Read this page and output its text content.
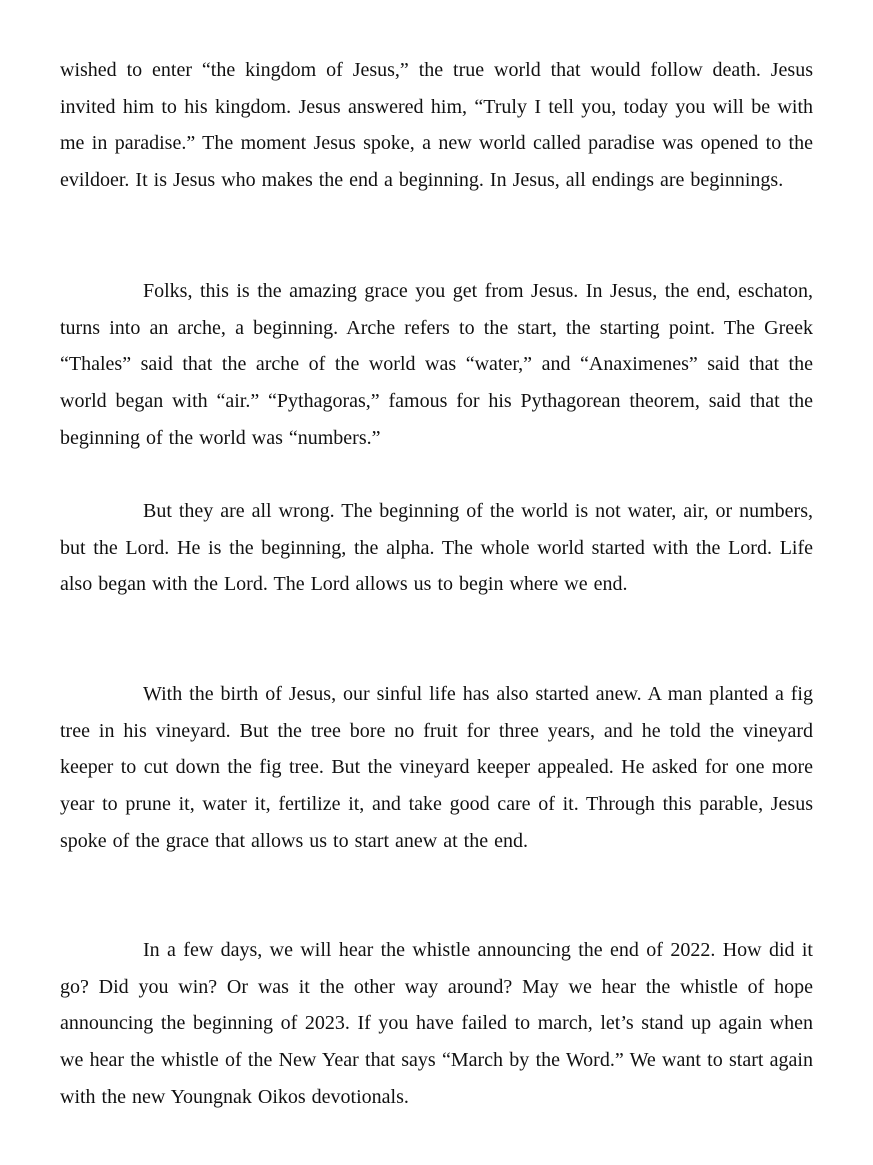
wished to enter “the kingdom of Jesus,” the true world that would follow death. Jesus invited him to his kingdom. Jesus answered him, “Truly I tell you, today you will be with me in paradise.” The moment Jesus spoke, a new world called paradise was opened to the evildoer. It is Jesus who makes the end a beginning. In Jesus, all endings are beginnings.

Folks, this is the amazing grace you get from Jesus. In Jesus, the end, eschaton, turns into an arche, a beginning. Arche refers to the start, the starting point. The Greek “Thales” said that the arche of the world was “water,” and “Anaximenes” said that the world began with “air.” “Pythagoras,” famous for his Pythagorean theorem, said that the beginning of the world was “numbers.”

But they are all wrong. The beginning of the world is not water, air, or numbers, but the Lord. He is the beginning, the alpha. The whole world started with the Lord. Life also began with the Lord. The Lord allows us to begin where we end.

With the birth of Jesus, our sinful life has also started anew. A man planted a fig tree in his vineyard. But the tree bore no fruit for three years, and he told the vineyard keeper to cut down the fig tree. But the vineyard keeper appealed. He asked for one more year to prune it, water it, fertilize it, and take good care of it. Through this parable, Jesus spoke of the grace that allows us to start anew at the end.

In a few days, we will hear the whistle announcing the end of 2022. How did it go? Did you win? Or was it the other way around? May we hear the whistle of hope announcing the beginning of 2023. If you have failed to march, let’s stand up again when we hear the whistle of the New Year that says “March by the Word.” We want to start again with the new Youngnak Oikos devotionals.
